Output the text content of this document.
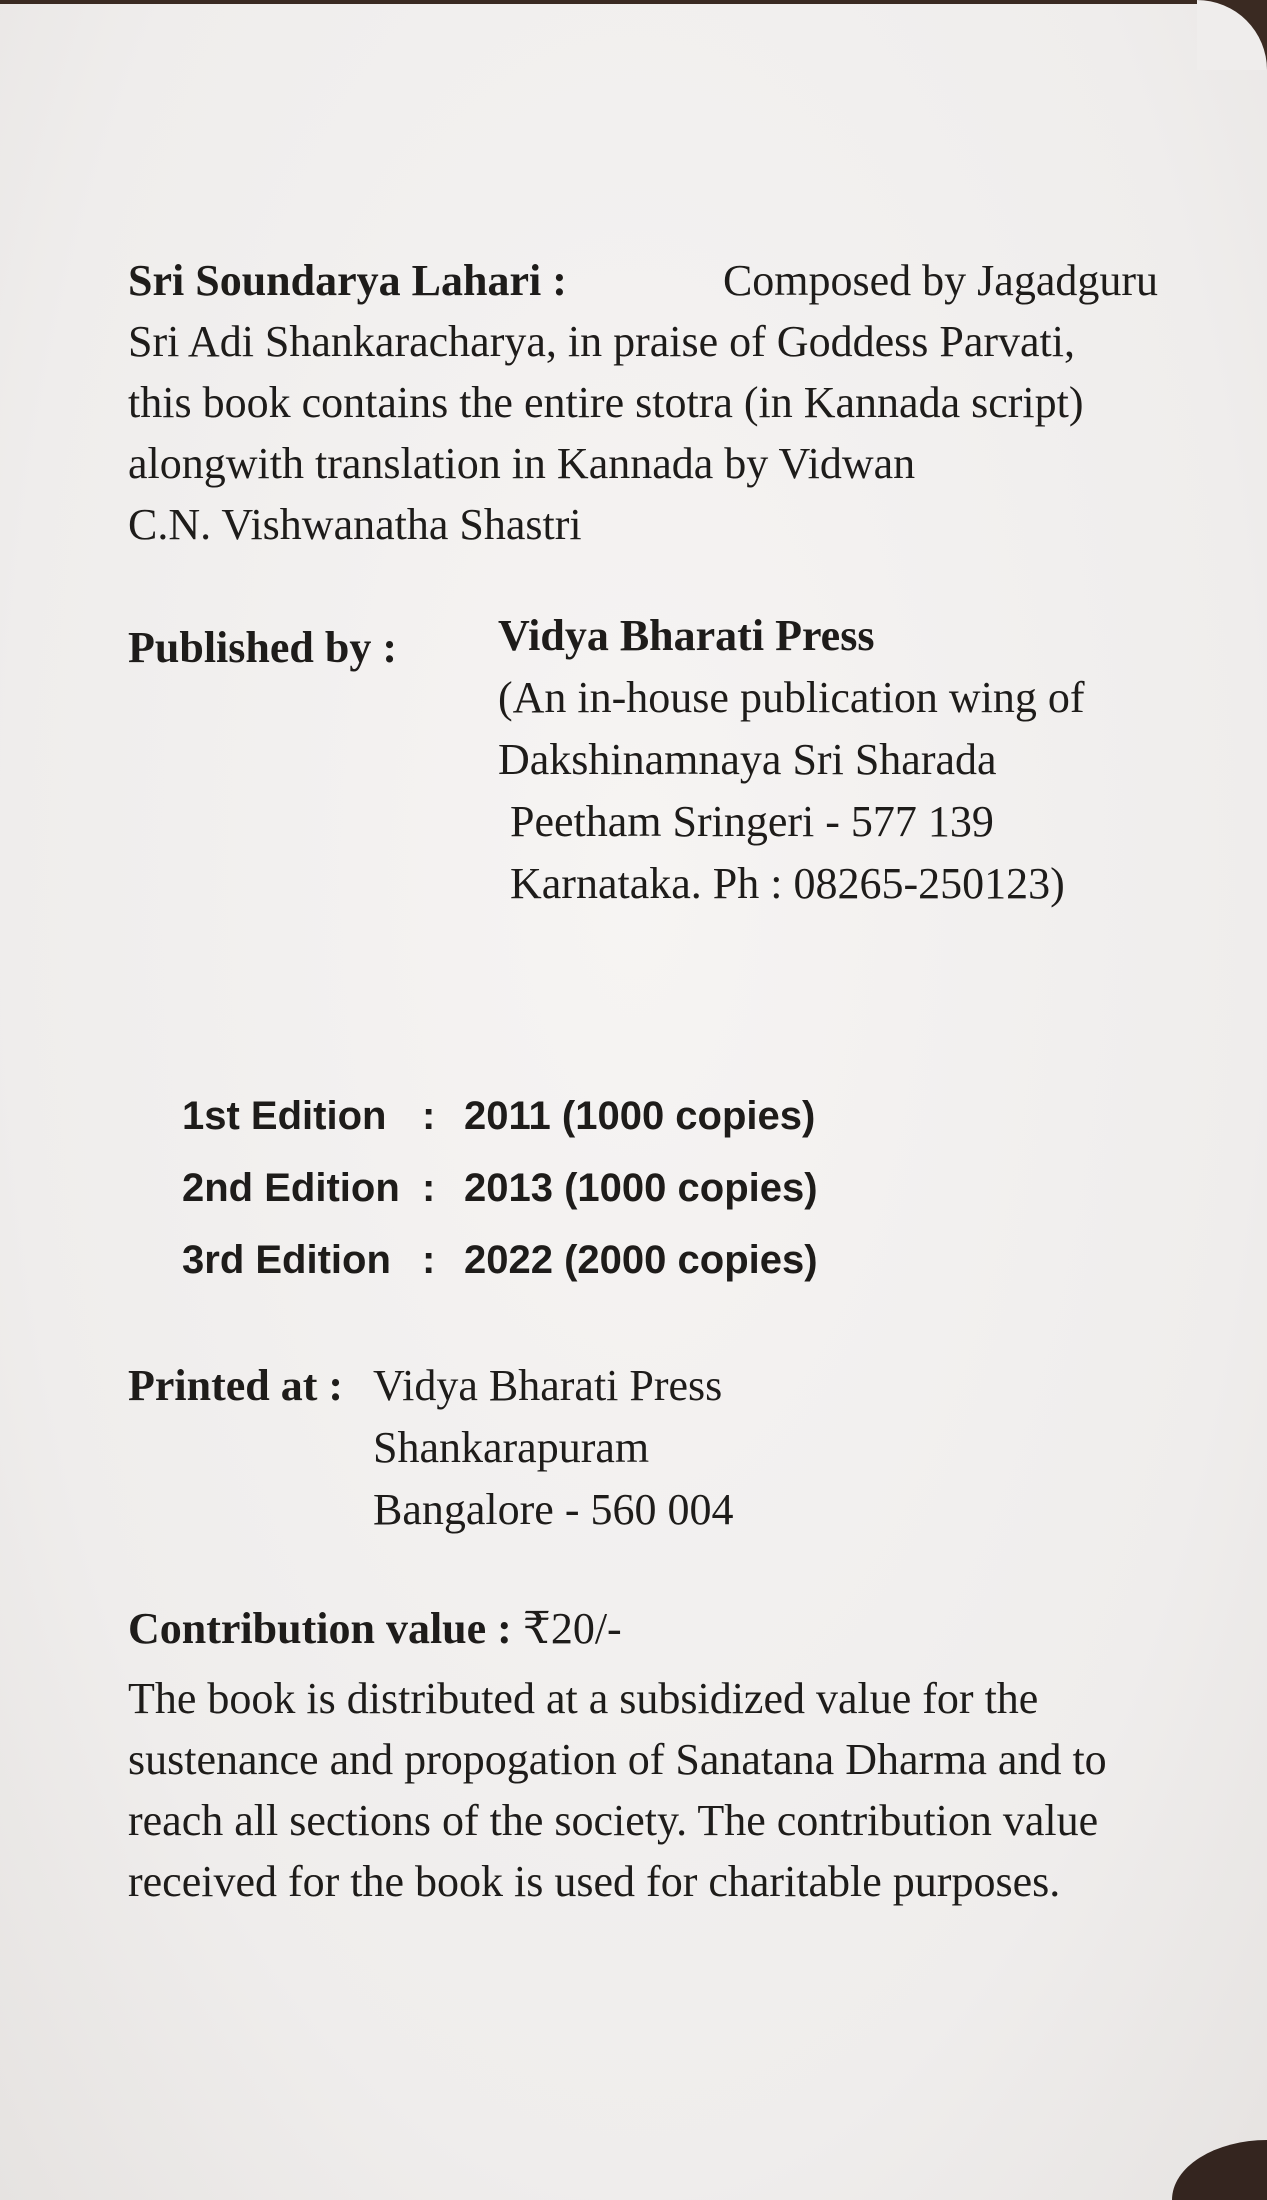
Sri Soundarya Lahari :	Composed by Jagadguru
Sri Adi Shankaracharya, in praise of Goddess Parvati,
this book contains the entire stotra (in Kannada script)
alongwith translation in Kannada by Vidwan
C.N. Vishwanatha Shastri
Published by : Vidya Bharati Press
(An in-house publication wing of
Dakshinamnaya Sri Sharada
Peetham Sringeri - 577 139
Karnataka. Ph : 08265-250123)
1st Edition : 2011 (1000 copies)
2nd Edition : 2013 (1000 copies)
3rd Edition : 2022 (2000 copies)
Printed at : Vidya Bharati Press
Shankarapuram
Bangalore - 560 004
Contribution value : ₹20/-
The book is distributed at a subsidized value for the
sustenance and propogation of Sanatana Dharma and to
reach all sections of the society. The contribution value
received for the book is used for charitable purposes.
